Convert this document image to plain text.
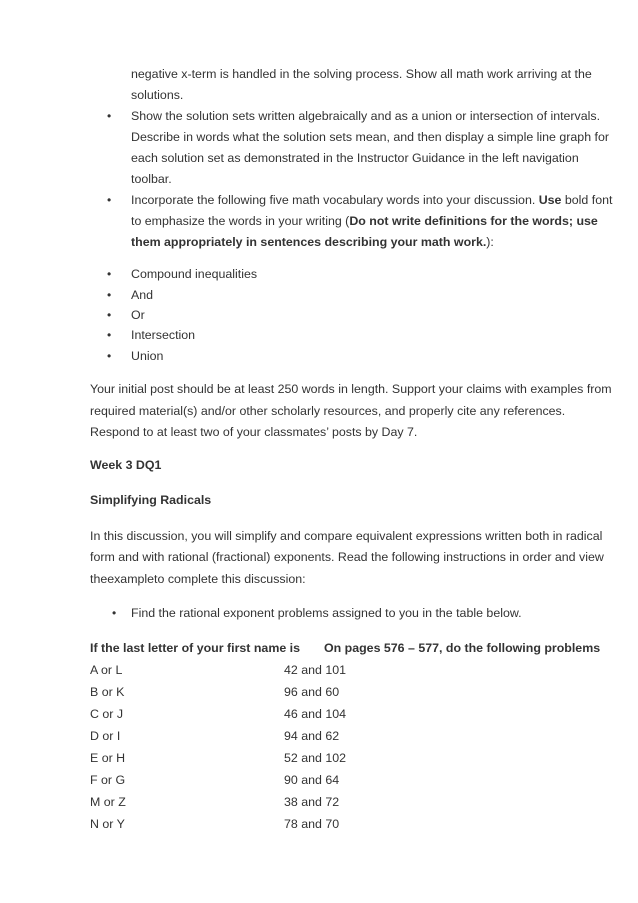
negative x-term is handled in the solving process. Show all math work arriving at the
solutions.
• Show the solution sets written algebraically and as a union or intersection of intervals.
Describe in words what the solution sets mean, and then display a simple line graph for
each solution set as demonstrated in the Instructor Guidance in the left navigation
toolbar.
• Incorporate the following five math vocabulary words into your discussion. Use bold font
to emphasize the words in your writing (Do not write definitions for the words; use
them appropriately in sentences describing your math work.):
• Compound inequalities
• And
• Or
• Intersection
• Union
Your initial post should be at least 250 words in length. Support your claims with examples from
required material(s) and/or other scholarly resources, and properly cite any references.
Respond to at least two of your classmates’ posts by Day 7.
Week 3 DQ1
Simplifying Radicals
In this discussion, you will simplify and compare equivalent expressions written both in radical
form and with rational (fractional) exponents. Read the following instructions in order and view
theexampleto complete this discussion:
• Find the rational exponent problems assigned to you in the table below.
If the last letter of your first name is On pages 576 – 577, do the following problems
A or L	42 and 101
B or K	96 and 60
C or J	46 and 104
D or I	94 and 62
E or H	52 and 102
F or G	90 and 64
M or Z	38 and 72
N or Y	78 and 70
